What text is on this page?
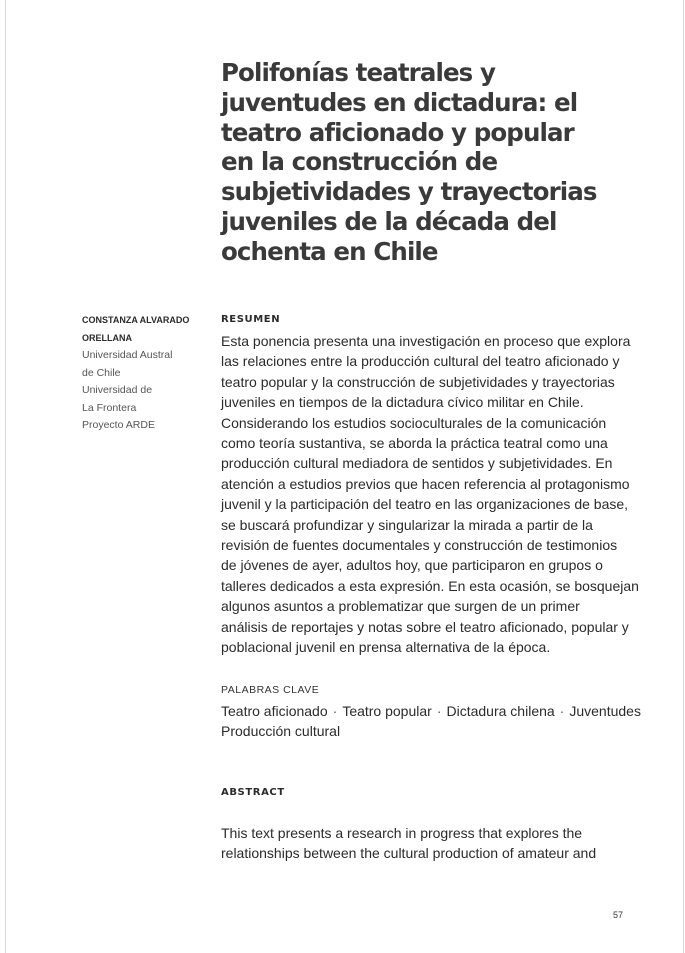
Polifonías teatrales y
juventudes en dictadura: el
teatro aficionado y popular
en la construcción de
subjetividades y trayectorias
juveniles de la década del
ochenta en Chile
CONSTANZA ALVARADO
ORELLANA
Universidad Austral
de Chile
Universidad de
La Frontera
Proyecto ARDE
RESUMEN
Esta ponencia presenta una investigación en proceso que explora
las relaciones entre la producción cultural del teatro aficionado y
teatro popular y la construcción de subjetividades y trayectorias
juveniles en tiempos de la dictadura cívico militar en Chile.
Considerando los estudios socioculturales de la comunicación
como teoría sustantiva, se aborda la práctica teatral como una
producción cultural mediadora de sentidos y subjetividades. En
atención a estudios previos que hacen referencia al protagonismo
juvenil y la participación del teatro en las organizaciones de base,
se buscará profundizar y singularizar la mirada a partir de la
revisión de fuentes documentales y construcción de testimonios
de jóvenes de ayer, adultos hoy, que participaron en grupos o
talleres dedicados a esta expresión. En esta ocasión, se bosquejan
algunos asuntos a problematizar que surgen de un primer
análisis de reportajes y notas sobre el teatro aficionado, popular y
poblacional juvenil en prensa alternativa de la época.
PALABRAS CLAVE
Teatro aficionado · Teatro popular · Dictadura chilena · Juventudes
Producción cultural
ABSTRACT
This text presents a research in progress that explores the
relationships between the cultural production of amateur and
57
